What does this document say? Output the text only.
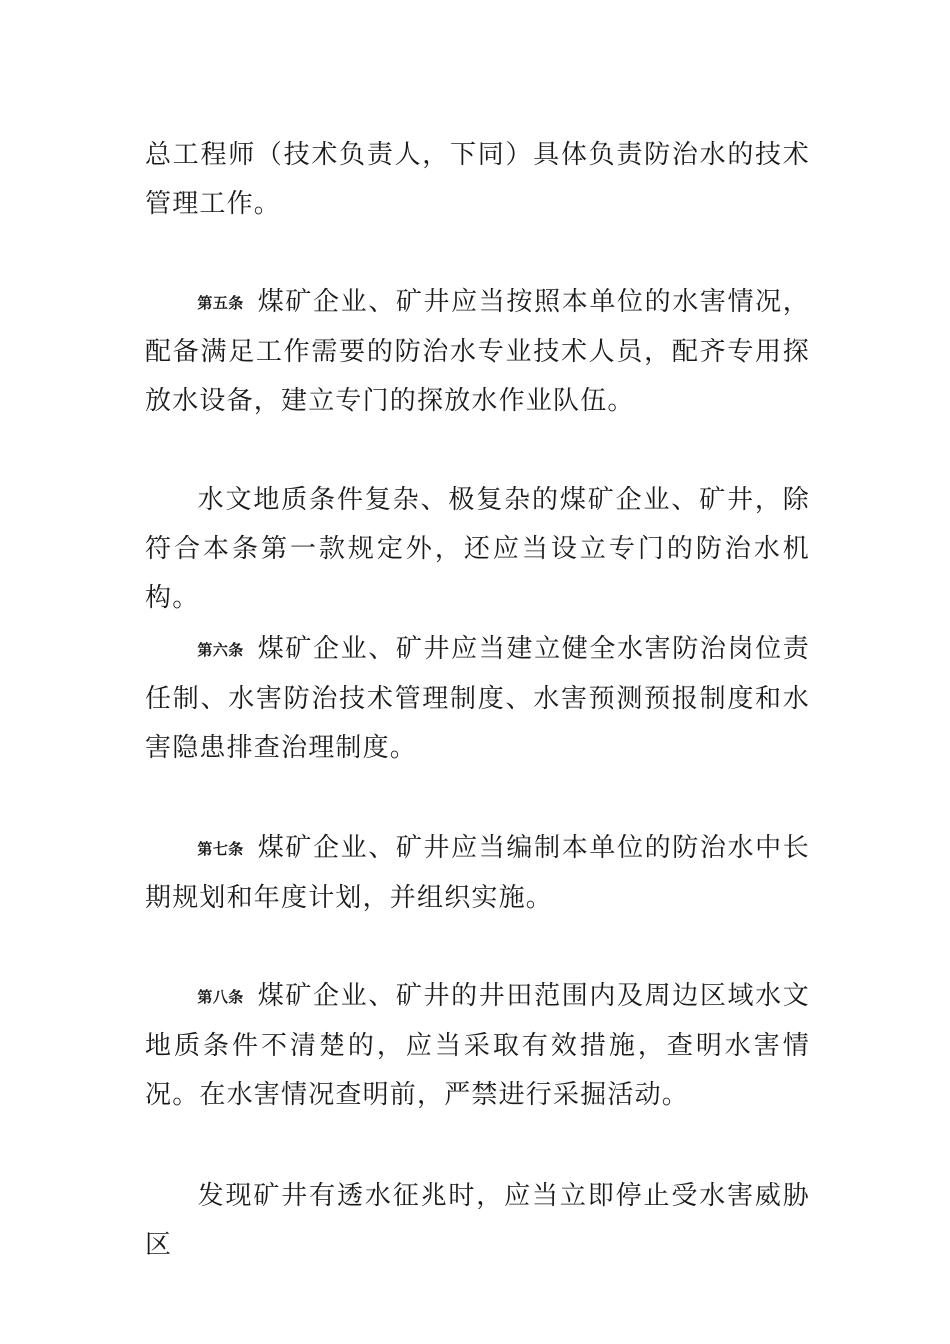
总工程师（技术负责人，下同）具体负责防治水的技术管理工作。

第五条 煤矿企业、矿井应当按照本单位的水害情况，配备满足工作需要的防治水专业技术人员，配齐专用探放水设备，建立专门的探放水作业队伍。

水文地质条件复杂、极复杂的煤矿企业、矿井，除符合本条第一款规定外，还应当设立专门的防治水机构。

第六条 煤矿企业、矿井应当建立健全水害防治岗位责任制、水害防治技术管理制度、水害预测预报制度和水害隐患排查治理制度。

第七条 煤矿企业、矿井应当编制本单位的防治水中长期规划和年度计划，并组织实施。

第八条 煤矿企业、矿井的井田范围内及周边区域水文地质条件不清楚的，应当采取有效措施，查明水害情况。在水害情况查明前，严禁进行采掘活动。

发现矿井有透水征兆时，应当立即停止受水害威胁区
